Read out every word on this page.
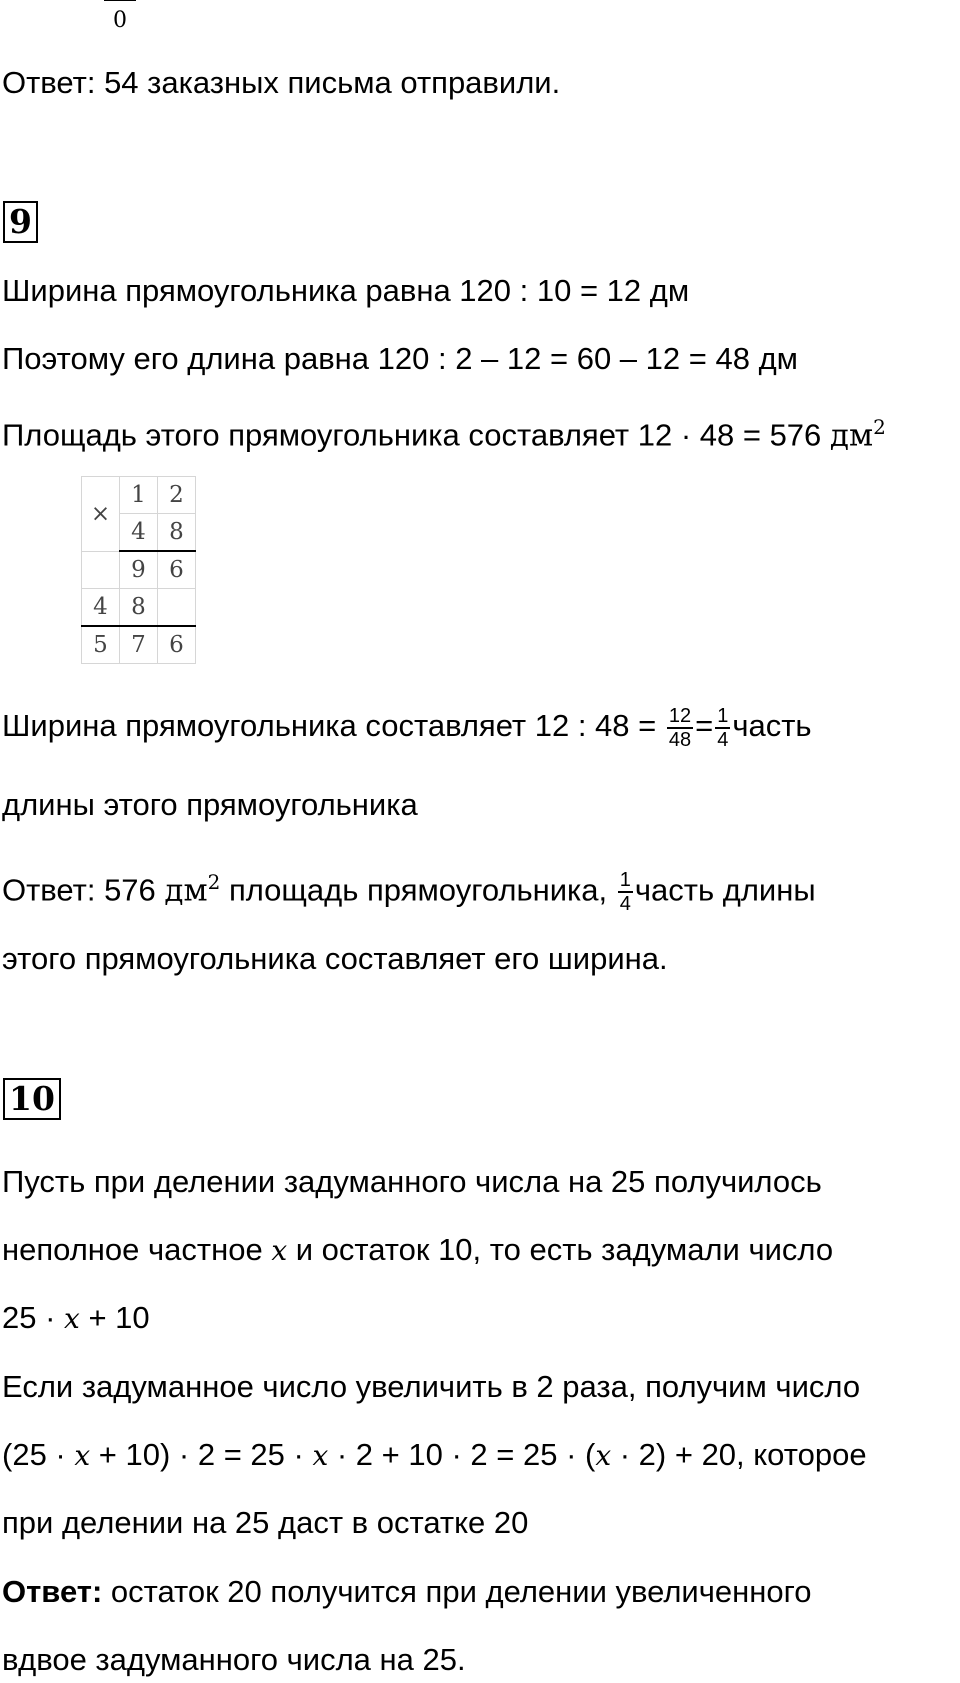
0
Ответ: 54 заказных письма отправили.
9
Ширина прямоугольника равна 120 : 10 = 12 дм
Поэтому его длина равна 120 : 2 – 12 = 60 – 12 = 48 дм
Площадь этого прямоугольника составляет 12 · 48 = 576 $дм^2$
×	1	2
	4	8
	9	6
4	8	
5	7	6
Ширина прямоугольника составляет 12 : $48 = \frac{12}{48} = \frac{1}{4}$ часть
длины этого прямоугольника
Ответ: 576 $дм^2$ площадь прямоугольника, $\frac{1}{4}$ часть длины
этого прямоугольника составляет его ширина.
10
Пусть при делении задуманного числа на 25 получилось
неполное частное x и остаток 10, то есть задумали число
25 · x + 10
Если задуманное число увеличить в 2 раза, получим число
(25 · x + 10) · 2 = 25 · x · 2 + 10 · 2 = 25 · (x · 2) + 20, которое
при делении на 25 даст в остатке 20
Ответ: остаток 20 получится при делении увеличенного
вдвое задуманного числа на 25.
